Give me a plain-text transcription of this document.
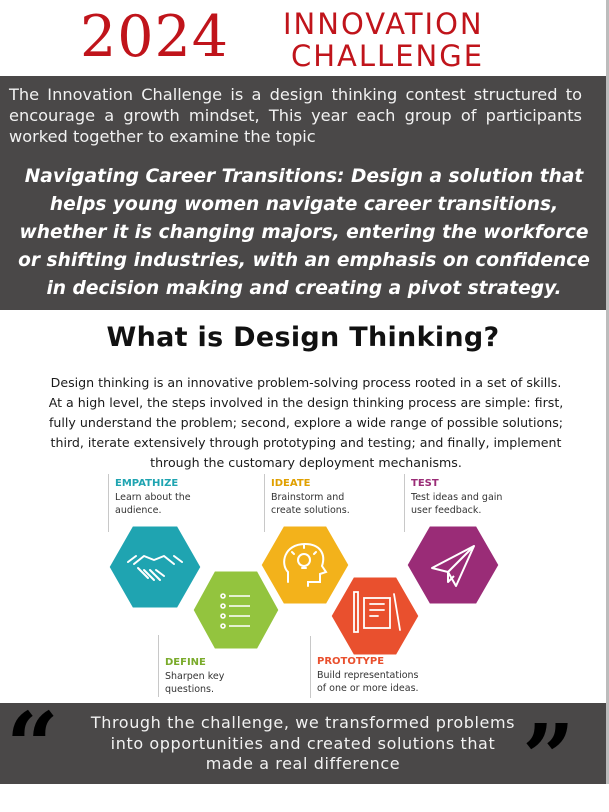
2024 INNOVATION
CHALLENGE
The Innovation Challenge is a design thinking contest structured to encourage a growth mindset, This year each group of participants worked together to examine the topic
Navigating Career Transitions: Design a solution that helps young women navigate career transitions, whether it is changing majors, entering the workforce or shifting industries, with an emphasis on confidence in decision making and creating a pivot strategy.
What is Design Thinking?
Design thinking is an innovative problem-solving process rooted in a set of skills. At a high level, the steps involved in the design thinking process are simple: first, fully understand the problem; second, explore a wide range of possible solutions; third, iterate extensively through prototyping and testing; and finally, implement through the customary deployment mechanisms.
EMPATHIZE
Learn about the audience.
IDEATE
Brainstorm and create solutions.
TEST
Test ideas and gain user feedback.
DEFINE
Sharpen key questions.
PROTOTYPE
Build representations of one or more ideas.
“	”
Through the challenge, we transformed problems into opportunities and created solutions that made a real difference
